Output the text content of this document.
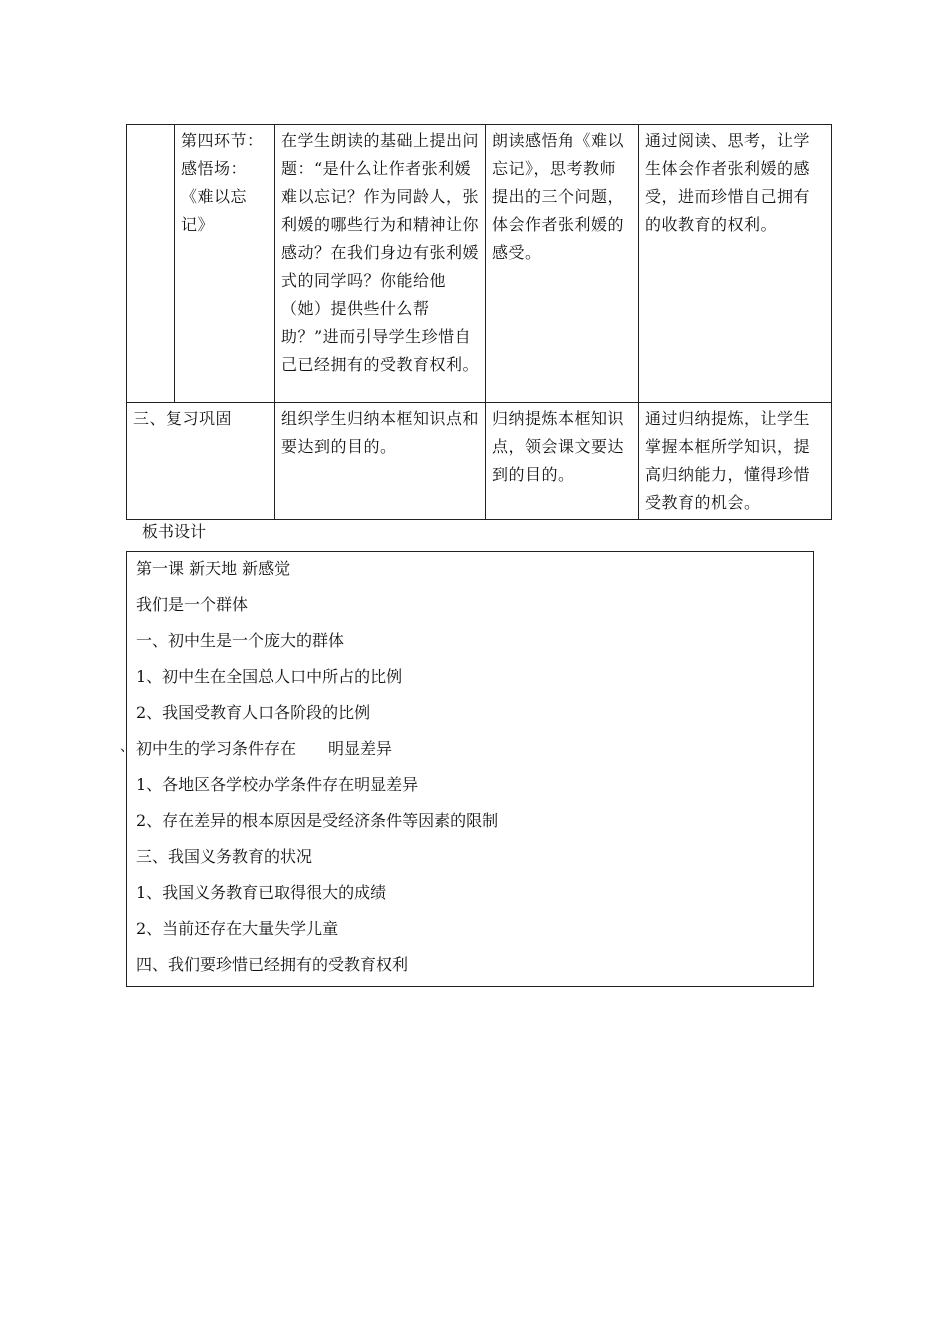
	第四环节：感悟场：《难以忘记》	在学生朗读的基础上提出问题：“是什么让作者张利媛难以忘记？作为同龄人，张利媛的哪些行为和精神让你感动？在我们身边有张利媛式的同学吗？你能给他（她）提供些什么帮助？”进而引导学生珍惜自己已经拥有的受教育权利。	朗读感悟角《难以忘记》，思考教师提出的三个问题，体会作者张利媛的感受。	通过阅读、思考，让学生体会作者张利媛的感受，进而珍惜自己拥有的收教育的权利。
三、复习巩固		组织学生归纳本框知识点和要达到的目的。	归纳提炼本框知识点，领会课文要达到的目的。	通过归纳提炼，让学生掌握本框所学知识，提高归纳能力，懂得珍惜受教育的机会。
板书设计
、
第一课 新天地 新感觉
我们是一个群体
一、初中生是一个庞大的群体
1、初中生在全国总人口中所占的比例
2、我国受教育人口各阶段的比例
初中生的学习条件存在　　明显差异
1、各地区各学校办学条件存在明显差异
2、存在差异的根本原因是受经济条件等因素的限制
三、我国义务教育的状况
1、我国义务教育已取得很大的成绩
2、当前还存在大量失学儿童
四、我们要珍惜已经拥有的受教育权利
